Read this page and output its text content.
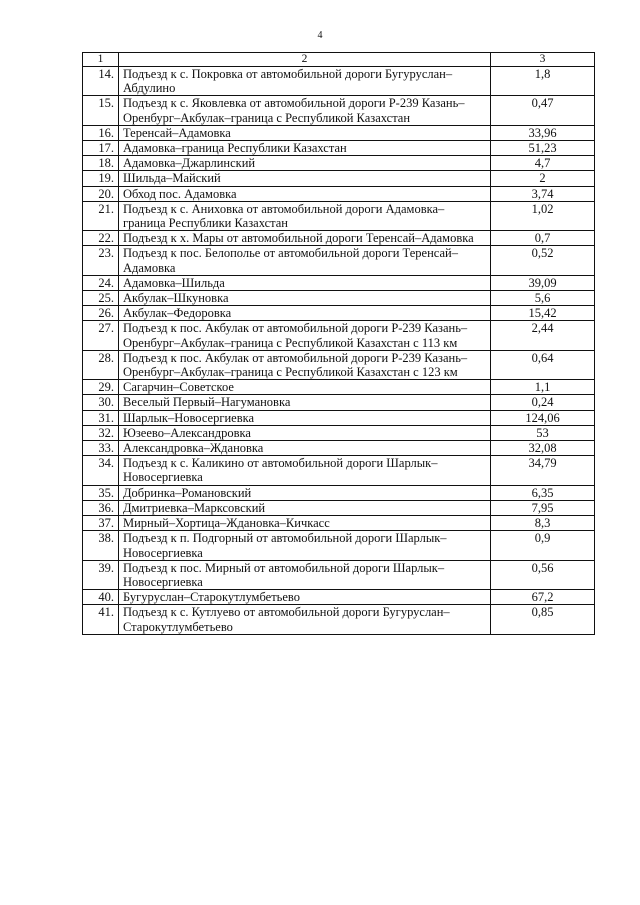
4
1	2	3
14.	Подъезд к с. Покровка от автомобильной дороги Бугуруслан–Абдулино	1,8
15.	Подъезд к с. Яковлевка от автомобильной дороги Р-239 Казань–Оренбург–Акбулак–граница с Республикой Казахстан	0,47
16.	Теренсай–Адамовка	33,96
17.	Адамовка–граница Республики Казахстан	51,23
18.	Адамовка–Джарлинский	4,7
19.	Шильда–Майский	2
20.	Обход пос. Адамовка	3,74
21.	Подъезд к с. Аниховка от автомобильной дороги Адамовка–граница Республики Казахстан	1,02
22.	Подъезд к х. Мары от автомобильной дороги Теренсай–Адамовка	0,7
23.	Подъезд к пос. Белополье от автомобильной дороги Теренсай–Адамовка	0,52
24.	Адамовка–Шильда	39,09
25.	Акбулак–Шкуновка	5,6
26.	Акбулак–Федоровка	15,42
27.	Подъезд к пос. Акбулак от автомобильной дороги Р-239 Казань–Оренбург–Акбулак–граница с Республикой Казахстан с 113 км	2,44
28.	Подъезд к пос. Акбулак от автомобильной дороги Р-239 Казань–Оренбург–Акбулак–граница с Республикой Казахстан с 123 км	0,64
29.	Сагарчин–Советское	1,1
30.	Веселый Первый–Нагумановка	0,24
31.	Шарлык–Новосергиевка	124,06
32.	Юзеево–Александровка	53
33.	Александровка–Ждановка	32,08
34.	Подъезд к с. Каликино от автомобильной дороги Шарлык–Новосергиевка	34,79
35.	Добринка–Романовский	6,35
36.	Дмитриевка–Марксовский	7,95
37.	Мирный–Хортица–Ждановка–Кичкасс	8,3
38.	Подъезд к п. Подгорный от автомобильной дороги Шарлык–Новосергиевка	0,9
39.	Подъезд к пос. Мирный от автомобильной дороги Шарлык–Новосергиевка	0,56
40.	Бугуруслан–Старокутлумбетьево	67,2
41.	Подъезд к с. Кутлуево от автомобильной дороги Бугуруслан–Старокутлумбетьево	0,85
